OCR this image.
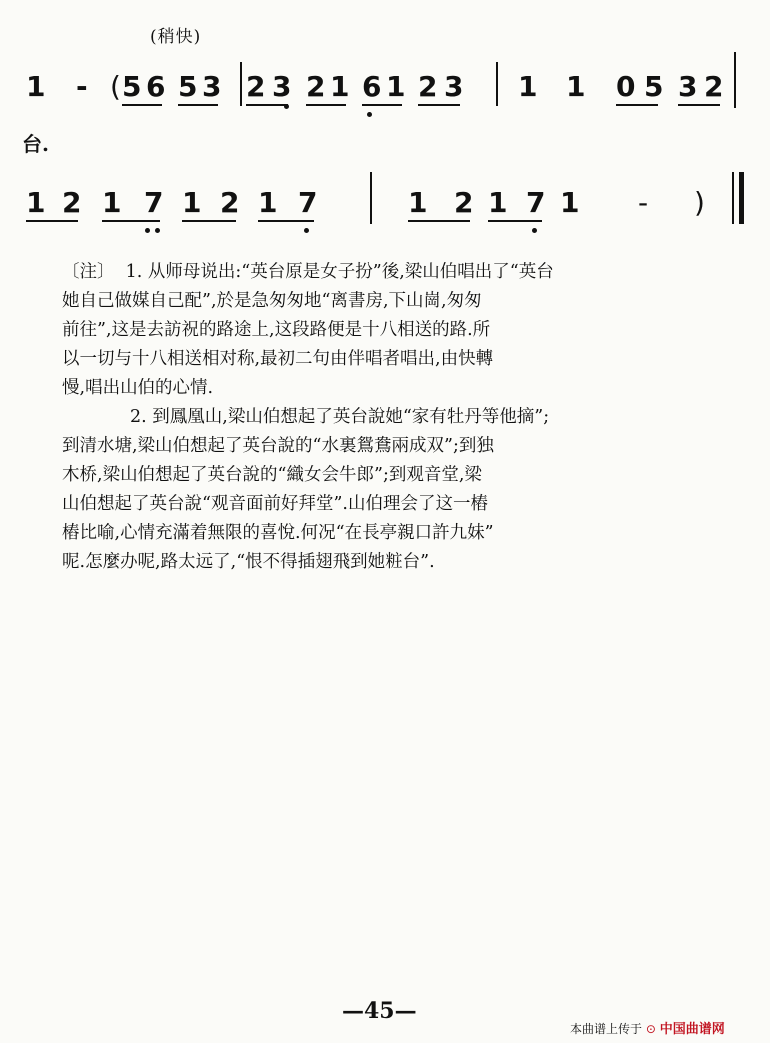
(稍快)
1 - ( 5 6 5 3 2 3 2 1 6 1 2 3 1 1 0 5 3 2
台.
1 2 1 7 1 2 1 7	1 2 1 7 1 - )

〔注〕 1. 从师母说出:“英台原是女子扮”後,梁山伯唱出了“英台

她自己做媒自己配”,於是急匆匆地“离書房,下山崗,匆匆

前往”,这是去訪祝的路途上,这段路便是十八相送的路.所

以一切与十八相送相对称,最初二句由伴唱者唱出,由快轉

慢,唱出山伯的心情.

2. 到鳳凰山,梁山伯想起了英台說她“家有牡丹等他摘”;

到清水塘,梁山伯想起了英台說的“水裏鴛鴦兩成双”;到独

木桥,梁山伯想起了英台說的“織女会牛郎”;到观音堂,梁

山伯想起了英台說“观音面前好拜堂”.山伯理会了这一樁

樁比喻,心情充滿着無限的喜悅.何况“在長亭親口許九妹”

呢.怎麼办呢,路太远了,“恨不得插翅飛到她粧台”.

—45—
本曲谱上传于 ⊙ 中国曲谱网
